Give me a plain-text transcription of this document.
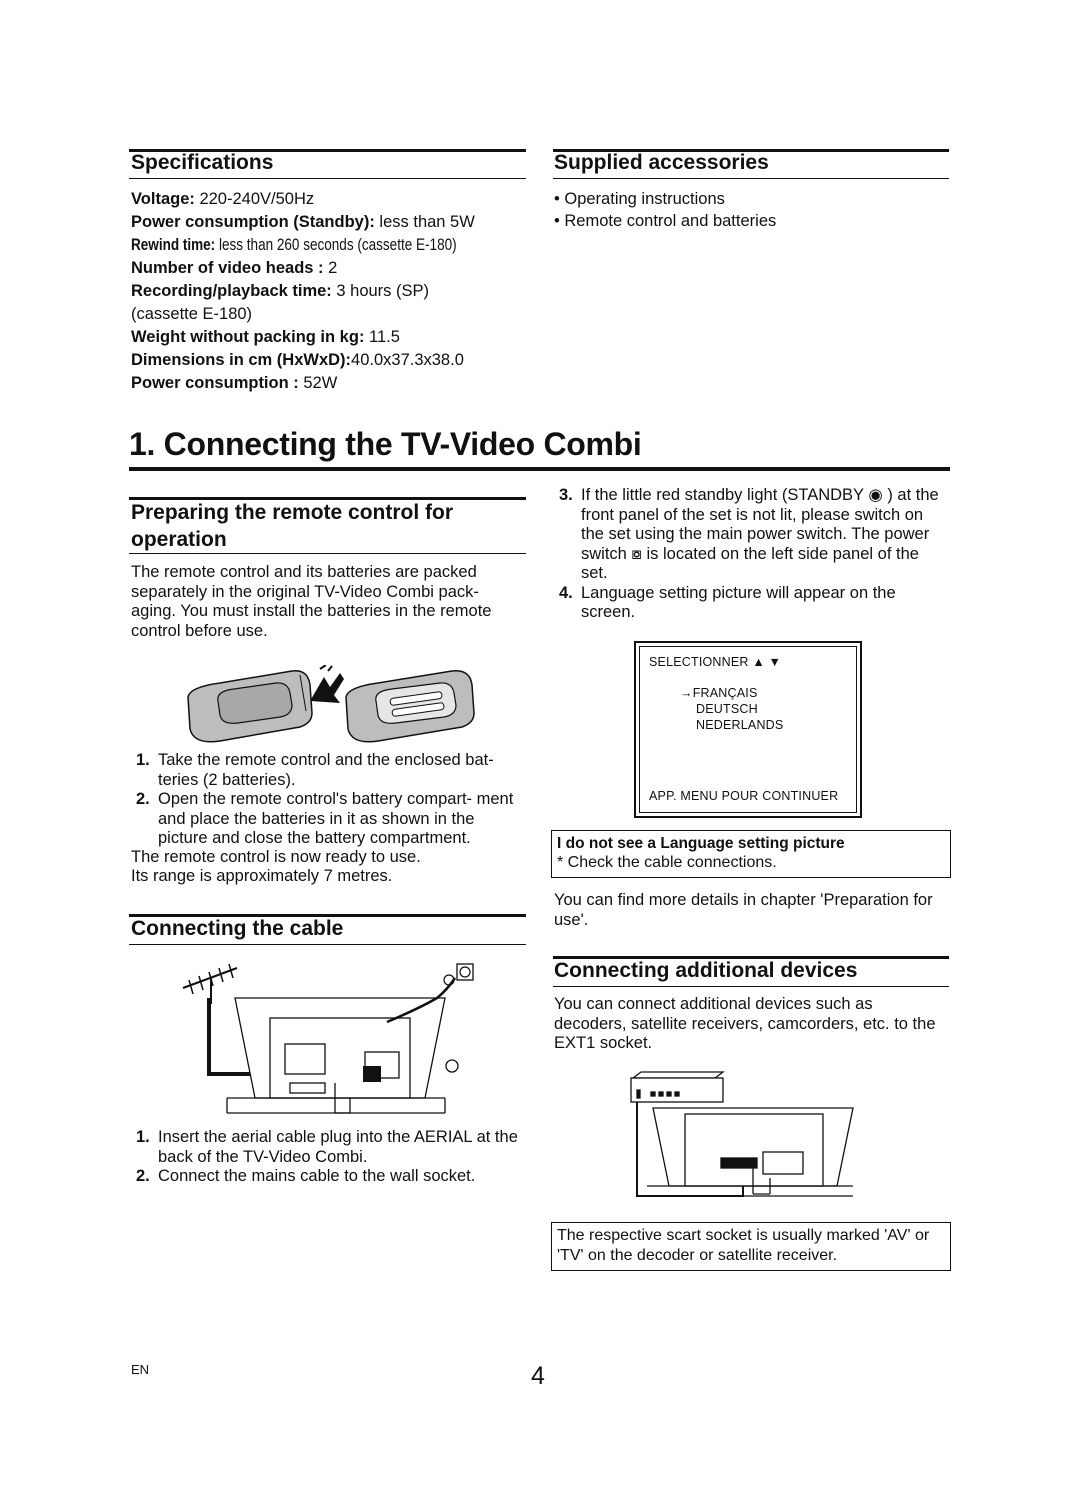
Specifications
Voltage: 220-240V/50Hz
Power consumption (Standby): less than 5W
Rewind time: less than 260 seconds (cassette E-180)
Number of video heads : 2
Recording/playback time: 3 hours (SP)
(cassette E-180)
Weight without packing in kg: 11.5
Dimensions in cm (HxWxD):40.0x37.3x38.0
Power consumption : 52W
Supplied accessories
• Operating instructions
• Remote control and batteries
1. Connecting the TV-Video Combi
Preparing the remote control for
operation
The remote control and its batteries are packed separately in the original TV-Video Combi pack- aging. You must install the batteries in the remote control before use.
1. Take the remote control and the enclosed bat- teries (2 batteries).
2. Open the remote control's battery compart- ment and place the batteries in it as shown in the picture and close the battery compartment.
The remote control is now ready to use.
Its range is approximately 7 metres.
Connecting the cable
1. Insert the aerial cable plug into the AERIAL at the back of the TV-Video Combi.
2. Connect the mains cable to the wall socket.
3. If the little red standby light (STANDBY ◉ ) at the front panel of the set is not lit, please switch on the set using the main power switch. The power switch ⧇ is located on the left side panel of the set.
4. Language setting picture will appear on the screen.
SELECTIONNER ▲ ▼
→FRANÇAIS
DEUTSCH
NEDERLANDS
APP. MENU POUR CONTINUER
I do not see a Language setting picture
* Check the cable connections.
You can find more details in chapter 'Preparation for use'.
Connecting additional devices
You can connect additional devices such as decoders, satellite receivers, camcorders, etc. to the EXT1 socket.
The respective scart socket is usually marked 'AV' or 'TV' on the decoder or satellite receiver.
EN	4
